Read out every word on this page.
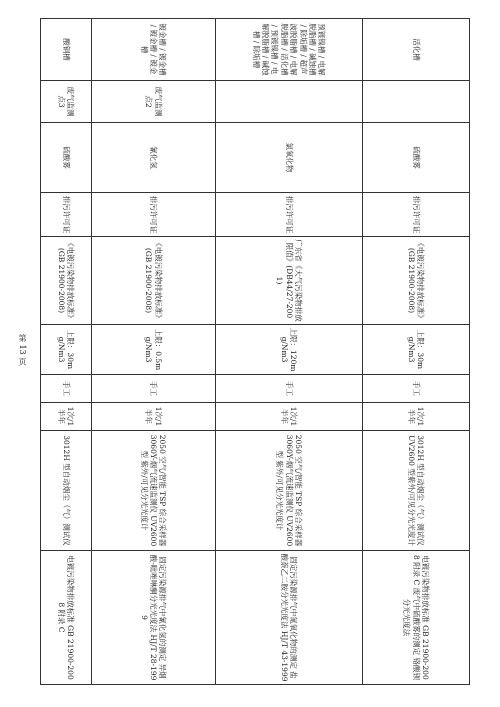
活化槽		硫酸雾	排污许可证	《电镀污染物排放标准》(GB 21900-2008)	上限：30mg/Nm3	手工	1次/1半年	3012H 型自动烟尘（气）测试仪 UV2600 型紫外/可见分光光度计	电镀污染物排放标准 GB 21900-2008 附录 C 废气中硫酸雾的测定 铬酸钡分光光度法
预镀镍槽 / 电解脱脂槽 / 碱蚀槽 / 除垢槽 / 超声波脱脂槽 / 电解脱脂槽 / 活化槽 / 预镀镍槽 / 电解脱脂槽 / 碱蚀槽 / 除垢槽		氯氧化物	排污许可证	广东省《大气污染物排放限值》(DB44/27-2001)	上限：120mg/Nm3	手工	1次/1半年	2050 空气/智能 TSP 综合采样器 3060Y-烟气流速监测仪 UV2600 型 紫外/可见分光光度计	固定污染源排气中氮氧化物的测定 盐酸萘乙二胺分光光度法 HJ/T 43-1999
镀金槽 / 镀金槽 / 镀金槽 / 镀金槽	废气监测点2	氰化氢	排污许可证	《电镀污染物排放标准》(GB 21900-2008)	上限：0.5mg/Nm3	手工	1次/1半年	2050 空气/智能 TSP 综合采样器 3060Y-烟气流速监测仪 UV2600 型 紫外/可见分光光度计	固定污染源排气中氰化氢的测定 异烟酸-吡唑啉酮分光光度法 HJ/T 28-1999
酸铜槽	废气监测点3	硫酸雾	排污许可证	《电镀污染物排放标准》(GB 21900-2008)	上限：30mg/Nm3	手工	1次/1半年	3012H 型自动烟尘（气）测试仪	电镀污染物排放标准 GB 21900-2008 附录 C
第 13 页
